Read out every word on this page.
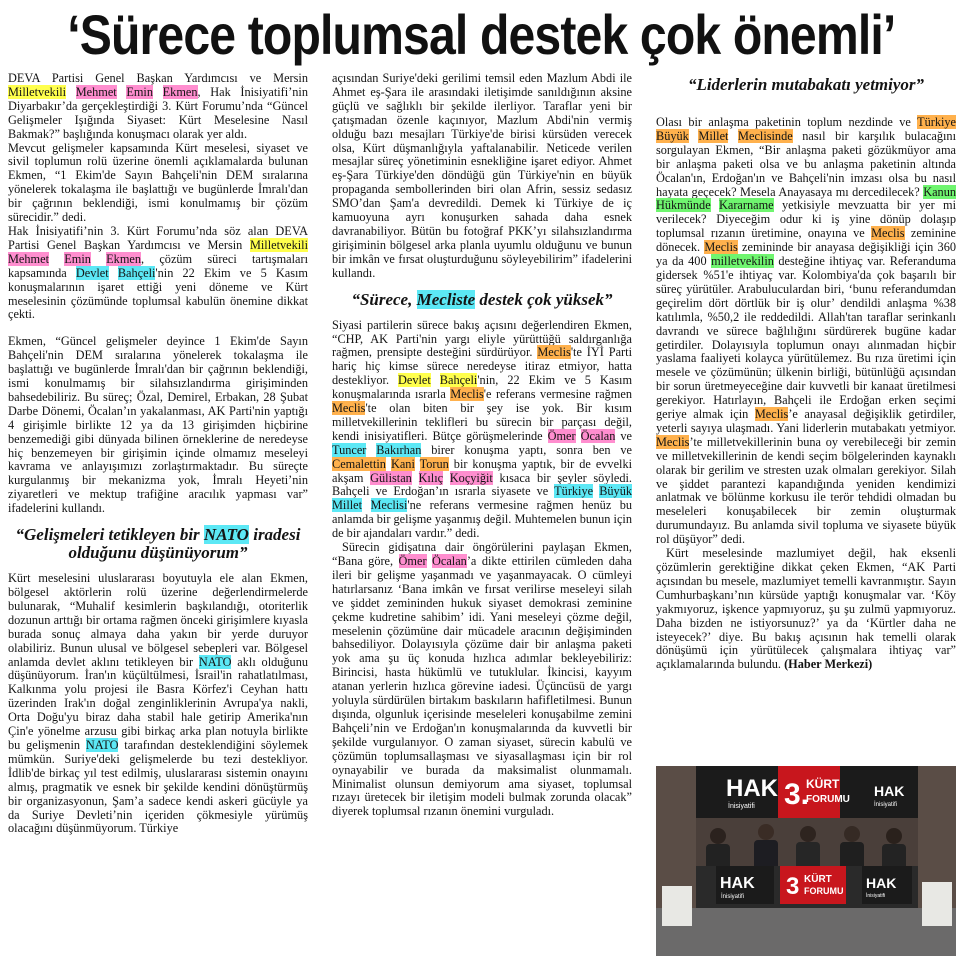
‘Sürece toplumsal destek çok önemli’

DEVA Partisi Genel Başkan Yardımcısı ve Mersin Milletvekili Mehmet Emin Ekmen, Hak İnisiyatifi’nin Diyarbakır’da gerçekleştirdiği 3. Kürt Forumu’nda “Güncel Gelişmeler Işığında Siyaset: Kürt Meselesine Nasıl Bakmak?” başlığında konuşmacı olarak yer aldı.

Mevcut gelişmeler kapsamında Kürt meselesi, siyaset ve sivil toplumun rolü üzerine önemli açıklamalarda bulunan Ekmen, “1 Ekim'de Sayın Bahçeli'nin DEM sıralarına yönelerek tokalaşma ile başlattığı ve bugünlerde İmralı'dan bir çağrının beklendiği, ismi konulmamış bir çözüm sürecidir.” dedi.

Hak İnisiyatifi’nin 3. Kürt Forumu’nda söz alan DEVA Partisi Genel Başkan Yardımcısı ve Mersin Milletvekili Mehmet Emin Ekmen, çözüm süreci tartışmaları kapsamında Devlet Bahçeli'nin 22 Ekim ve 5 Kasım konuşmalarının işaret ettiği yeni döneme ve Kürt meselesinin çözümünde toplumsal kabulün önemine dikkat çekti.

Ekmen, “Güncel gelişmeler deyince 1 Ekim'de Sayın Bahçeli'nin DEM sıralarına yönelerek tokalaşma ile başlattığı ve bugünlerde İmralı'dan bir çağrının beklendiği, ismi konulmamış bir silahsızlandırma girişiminden bahsedebiliriz. Bu süreç; Özal, Demirel, Erbakan, 28 Şubat Darbe Dönemi, Öcalan’ın yakalanması, AK Parti'nin yaptığı 4 girişimle birlikte 12 ya da 13 girişimden hiçbirine benzemediği gibi dünyada bilinen örneklerine de neredeyse hiç benzemeyen bir girişimin içinde olmamız meseleyi kavrama ve anlayışımızı zorlaştırmaktadır. Bu süreçte kurgulanmış bir mekanizma yok, İmralı Heyeti’nin ziyaretleri ve mektup trafiğine aracılık yapması var” ifadelerini kullandı.

“Gelişmeleri tetikleyen bir NATO iradesi olduğunu düşünüyorum”

Kürt meselesini uluslararası boyutuyla ele alan Ekmen, bölgesel aktörlerin rolü üzerine değerlendirmelerde bulunarak, “Muhalif kesimlerin başkılandığı, otoriterlik dozunun arttığı bir ortama rağmen önceki girişimlere kıyasla burada sonuç almaya daha yakın bir yerde duruyor olabiliriz. Bunun ulusal ve bölgesel sebepleri var. Bölgesel anlamda devlet aklını tetikleyen bir NATO aklı olduğunu düşünüyorum. İran'ın küçültülmesi, İsrail'in rahatlatılması, Kalkınma yolu projesi ile Basra Körfez'i Ceyhan hattı üzerinden Irak'ın doğal zenginliklerinin Avrupa'ya nakli, Orta Doğu'yu biraz daha stabil hale getirip Amerika'nın Çin'e yönelme arzusu gibi birkaç arka plan notuyla birlikte bu gelişmenin NATO tarafından desteklendiğini söylemek mümkün. Suriye'deki gelişmelerde bu tezi destekliyor. İdlib'de birkaç yıl test edilmiş, uluslararası sistemin onayını almış, pragmatik ve esnek bir şekilde kendini dönüştürmüş bir organizasyonun, Şam’a sadece kendi askeri gücüyle ya da Suriye Devleti’nin içeriden çökmesiyle yürümüş olacağını düşünmüyorum. Türkiye

açısından Suriye'deki gerilimi temsil eden Mazlum Abdi ile Ahmet eş-Şara ile arasındaki iletişimde sanıldığının aksine güçlü ve sağlıklı bir şekilde ilerliyor. Taraflar yeni bir çatışmadan özenle kaçınıyor, Mazlum Abdi'nin vermiş olduğu bazı mesajları Türkiye'de birisi kürsüden verecek olsa, Kürt düşmanlığıyla yaftalanabilir. Neticede verilen mesajlar süreç yönetiminin esnekliğine işaret ediyor. Ahmet eş-Şara Türkiye'den döndüğü gün Türkiye'nin en büyük propaganda sembollerinden biri olan Afrin, sessiz sedasız SMO’dan Şam'a devredildi. Demek ki Türkiye de iç kamuoyuna ayrı konuşurken sahada daha esnek davranabiliyor. Bütün bu fotoğraf PKK’yı silahsızlandırma girişiminin bölgesel arka planla uyumlu olduğunu ve bunun bir imkân ve fırsat oluşturduğunu söyleyebilirim” ifadelerini kullandı.

“Sürece, Mecliste destek çok yüksek”

Siyasi partilerin sürece bakış açısını değerlendiren Ekmen, “CHP, AK Parti'nin yargı eliyle yürüttüğü saldırganlığa rağmen, prensipte desteğini sürdürüyor. Meclis'te İYİ Parti hariç hiç kimse sürece neredeyse itiraz etmiyor, hatta destekliyor. Devlet Bahçeli'nin, 22 Ekim ve 5 Kasım konuşmalarında ısrarla Meclis'e referans vermesine rağmen Meclis'te olan biten bir şey ise yok. Bir kısım milletvekillerinin teklifleri bu sürecin bir parçası değil, kendi inisiyatifleri. Bütçe görüşmelerinde Ömer Öcalan ve Tuncer Bakırhan birer konuşma yaptı, sonra ben ve Cemalettin Kani Torun bir konuşma yaptık, bir de evvelki akşam Gülistan Kılıç Koçyiğit kısaca bir şeyler söyledi. Bahçeli ve Erdoğan’ın ısrarla siyasete ve Türkiye Büyük Millet Meclisi'ne referans vermesine rağmen henüz bu anlamda bir gelişme yaşanmış değil. Muhtemelen bunun için de bir ajandaları vardır.” dedi.

Sürecin gidişatına dair öngörülerini paylaşan Ekmen, “Bana göre, Ömer Öcalan’a dikte ettirilen cümleden daha ileri bir gelişme yaşanmadı ve yaşanmayacak. O cümleyi hatırlarsanız ‘Bana imkân ve fırsat verilirse meseleyi silah ve şiddet zemininden hukuk siyaset demokrasi zeminine çekme kudretine sahibim’ idi. Yani meseleyi çözme değil, meselenin çözümüne dair mücadele aracının değişiminden bahsediliyor. Dolayısıyla çözüme dair bir anlaşma paketi yok ama şu üç konuda hızlıca adımlar bekleyebiliriz: Birincisi, hasta hükümlü ve tutuklular. İkincisi, kayyım atanan yerlerin hızlıca görevine iadesi. Üçüncüsü de yargı yoluyla sürdürülen birtakım baskıların hafifletilmesi. Bunun dışında, olgunluk içerisinde meseleleri konuşabilme zemini Bahçeli’nin ve Erdoğan'ın konuşmalarında da kuvvetli bir şekilde vurgulanıyor. O zaman siyaset, sürecin kabulü ve çözümün toplumsallaşması ve siyasallaşması için bir rol oynayabilir ve burada da maksimalist olunmamalı. Minimalist olunsun demiyorum ama siyaset, toplumsal rızayı üretecek bir iletişim modeli bulmak zorunda olacak” diyerek toplumsal rızanın önemini vurguladı.

“Liderlerin mutabakatı yetmiyor”

Olası bir anlaşma paketinin toplum nezdinde ve Türkiye Büyük Millet Meclisinde nasıl bir karşılık bulacağını sorgulayan Ekmen, “Bir anlaşma paketi gözükmüyor ama bir anlaşma paketi olsa ve bu anlaşma paketinin altında Öcalan'ın, Erdoğan'ın ve Bahçeli'nin imzası olsa bu nasıl hayata geçecek? Mesela Anayasaya mı dercedilecek? Kanun Hükmünde Kararname yetkisiyle mevzuatta bir yer mi verilecek? Diyeceğim odur ki iş yine dönüp dolaşıp toplumsal rızanın üretimine, onayına ve Meclis zeminine dönecek. Meclis zemininde bir anayasa değişikliği için 360 ya da 400 milletvekilin desteğine ihtiyaç var. Referanduma gidersek %51'e ihtiyaç var. Kolombiya'da çok başarılı bir süreç yürütüler. Arabuluculardan biri, ‘bunu referandumdan geçirelim dört dörtlük bir iş olur’ dendildi anlaşma %38 katılımla, %50,2 ile reddedildi. Allah'tan taraflar serinkanlı davrandı ve sürece bağlılığını sürdürerek bugüne kadar getirdiler. Dolayısıyla toplumun onayı alınmadan hiçbir yaslama faaliyeti kolayca yürütülemez. Bu rıza üretimi için mesele ve çözümünün; ülkenin birliği, bütünlüğü açısından bir sorun üretmeyeceğine dair kuvvetli bir kanaat üretilmesi gerekiyor. Hatırlayın, Bahçeli ile Erdoğan erken seçimi geriye almak için Meclis’e anayasal değişiklik getirdiler, yeterli sayıya ulaşmadı. Yani liderlerin mutabakatı yetmiyor. Meclis’te milletvekillerinin buna oy verebileceği bir zemin ve milletvekillerinin de kendi seçim bölgelerinden kaynaklı olarak bir gerilim ve stresten uzak olmaları gerekiyor. Silah ve şiddet parantezi kapandığında yeniden kendimizi anlatmak ve bölünme korkusu ile terör tehdidi olmadan bu meseleleri konuşabilecek bir zemin oluşturmak durumundayız. Bu anlamda sivil topluma ve siyasete büyük rol düşüyor” dedi.

Kürt meselesinde mazlumiyet değil, hak eksenli çözümlerin gerektiğine dikkat çeken Ekmen, “AK Parti açısından bu mesele, mazlumiyet temelli kavranmıştır. Sayın Cumhurbaşkanı’nın kürsüde yaptığı konuşmalar var. ‘Köy yakmıyoruz, işkence yapmıyoruz, şu şu zulmü yapmıyoruz. Daha bizden ne istiyorsunuz?’ ya da ‘Kürtler daha ne isteyecek?’ diye. Bu bakış açısının hak temelli olarak dönüşümü için yürütülecek çalışmalara ihtiyaç var” açıklamalarında bulundu. (Haber Merkezi)

HAK
İnisiyatifi 3.
KÜRT
FORUMU
HAK
İnisiyatifi
HAK
İnisiyatifi 3 KÜRT
FORUMU HAK
İnisiyatifi
